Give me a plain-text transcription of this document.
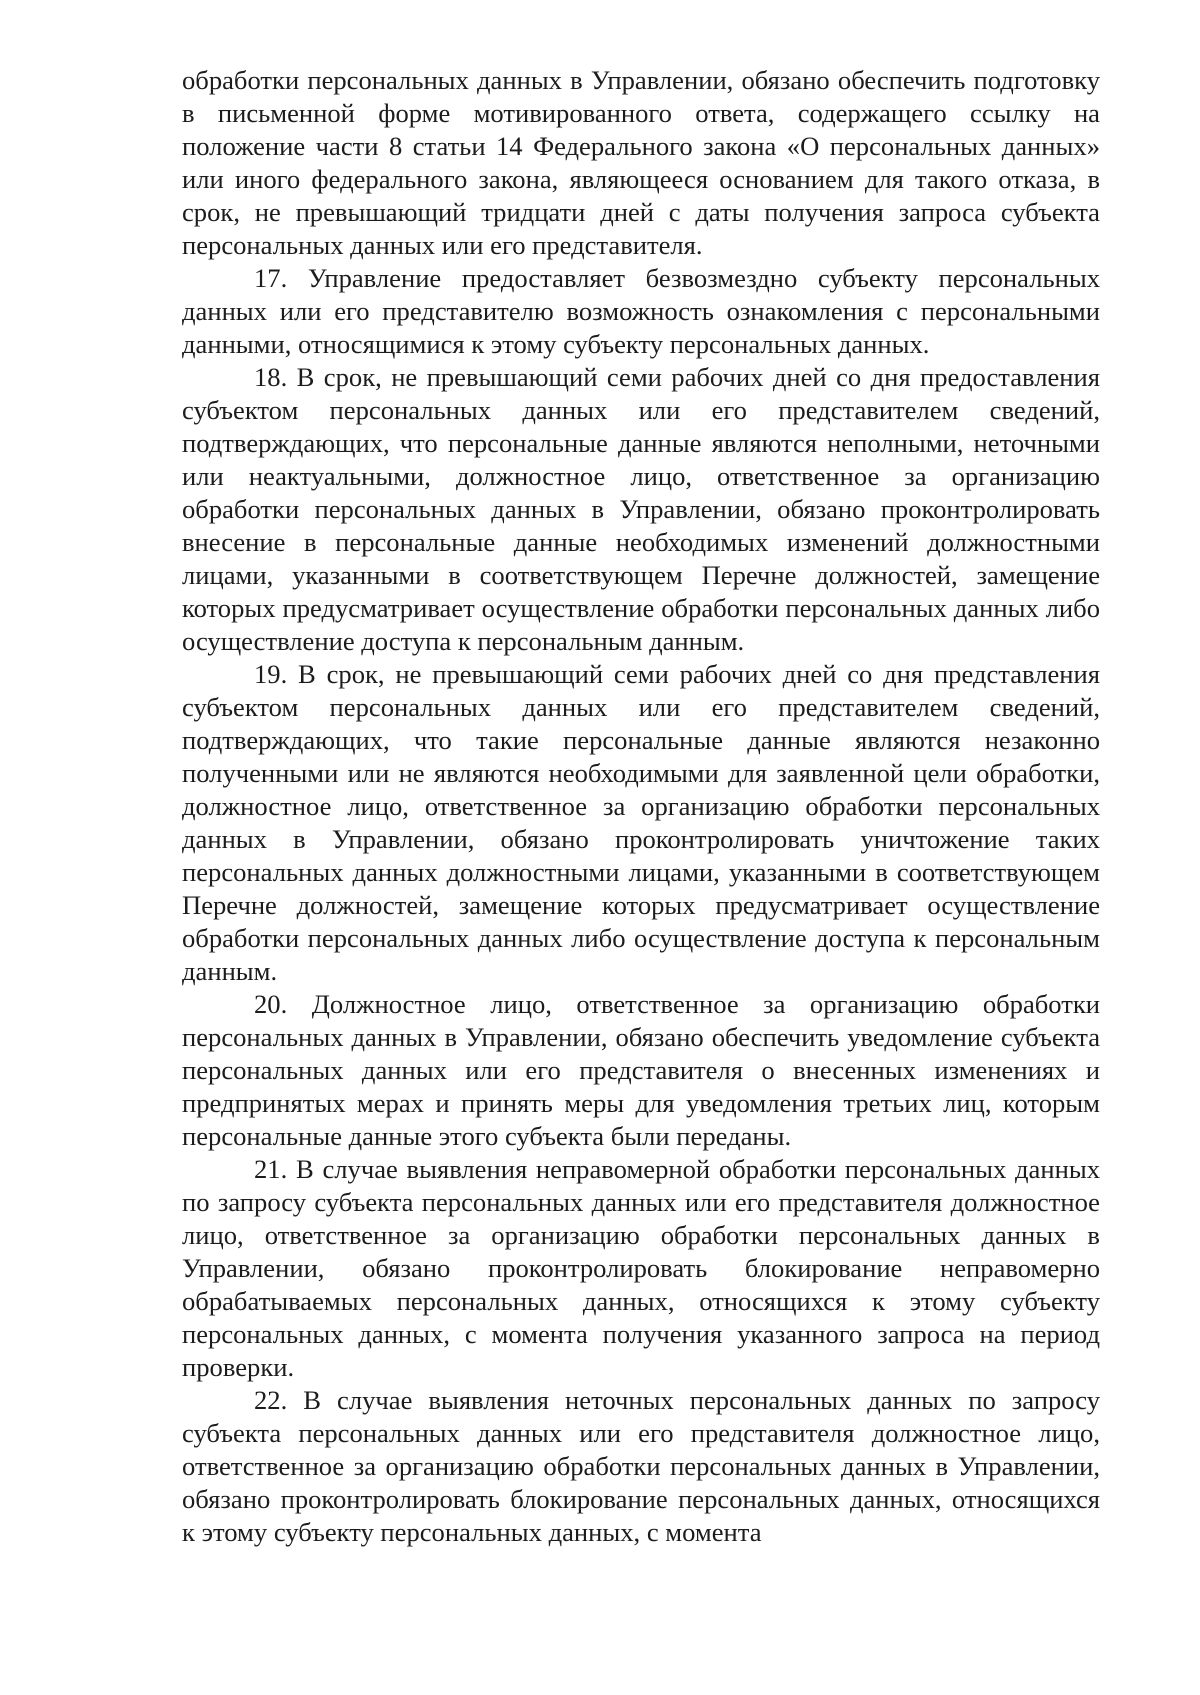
обработки персональных данных в Управлении, обязано обеспечить подготовку в письменной форме мотивированного ответа, содержащего ссылку на положение части 8 статьи 14 Федерального закона «О персональных данных» или иного федерального закона, являющееся основанием для такого отказа, в срок, не превышающий тридцати дней с даты получения запроса субъекта персональных данных или его представителя.

17. Управление предоставляет безвозмездно субъекту персональных данных или его представителю возможность ознакомления с персональными данными, относящимися к этому субъекту персональных данных.

18. В срок, не превышающий семи рабочих дней со дня предоставления субъектом персональных данных или его представителем сведений, подтверждающих, что персональные данные являются неполными, неточными или неактуальными, должностное лицо, ответственное за организацию обработки персональных данных в Управлении, обязано проконтролировать внесение в персональные данные необходимых изменений должностными лицами, указанными в соответствующем Перечне должностей, замещение которых предусматривает осуществление обработки персональных данных либо осуществление доступа к персональным данным.

19. В срок, не превышающий семи рабочих дней со дня представления субъектом персональных данных или его представителем сведений, подтверждающих, что такие персональные данные являются незаконно полученными или не являются необходимыми для заявленной цели обработки, должностное лицо, ответственное за организацию обработки персональных данных в Управлении, обязано проконтролировать уничтожение таких персональных данных должностными лицами, указанными в соответствующем Перечне должностей, замещение которых предусматривает осуществление обработки персональных данных либо осуществление доступа к персональным данным.

20. Должностное лицо, ответственное за организацию обработки персональных данных в Управлении, обязано обеспечить уведомление субъекта персональных данных или его представителя о внесенных изменениях и предпринятых мерах и принять меры для уведомления третьих лиц, которым персональные данные этого субъекта были переданы.

21. В случае выявления неправомерной обработки персональных данных по запросу субъекта персональных данных или его представителя должностное лицо, ответственное за организацию обработки персональных данных в Управлении, обязано проконтролировать блокирование неправомерно обрабатываемых персональных данных, относящихся к этому субъекту персональных данных, с момента получения указанного запроса на период проверки.

22. В случае выявления неточных персональных данных по запросу субъекта персональных данных или его представителя должностное лицо, ответственное за организацию обработки персональных данных в Управлении, обязано проконтролировать блокирование персональных данных, относящихся к этому субъекту персональных данных, с момента
